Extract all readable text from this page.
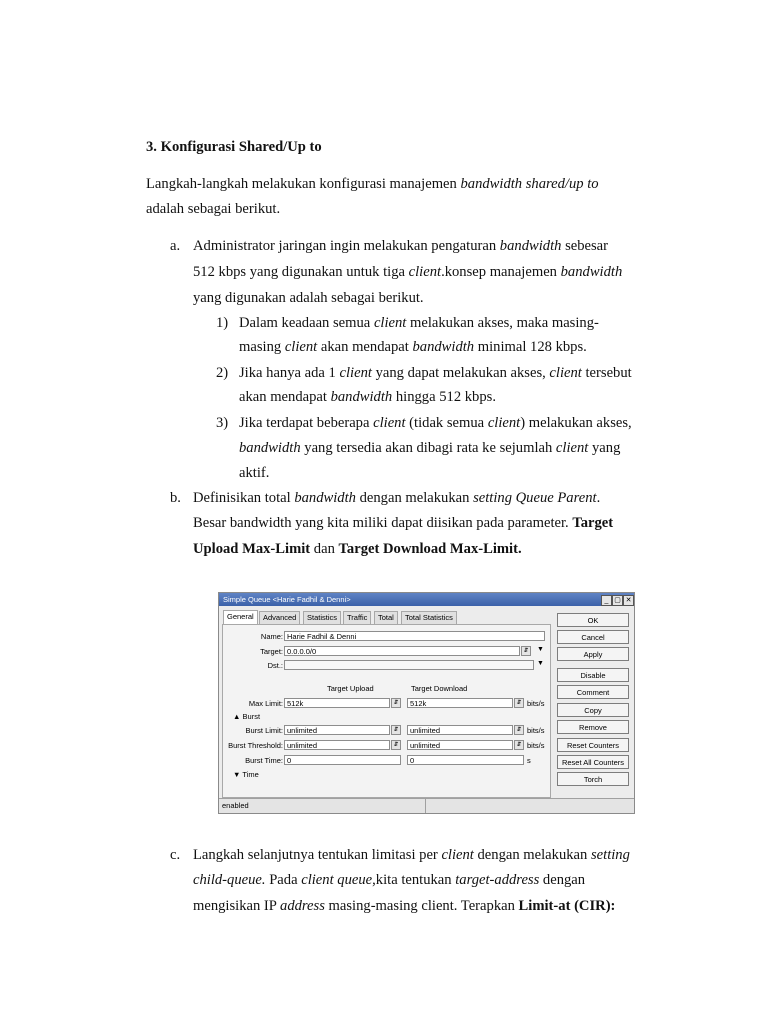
3. Konfigurasi Shared/Up to
Langkah-langkah melakukan konfigurasi manajemen bandwidth shared/up to
adalah sebagai berikut.
a. Administrator jaringan ingin melakukan pengaturan bandwidth sebesar
512 kbps yang digunakan untuk tiga client.konsep manajemen bandwidth
yang digunakan adalah sebagai berikut.
1) Dalam keadaan semua client melakukan akses, maka masing-
masing client akan mendapat bandwidth minimal 128 kbps.
2) Jika hanya ada 1 client yang dapat melakukan akses, client tersebut
akan mendapat bandwidth hingga 512 kbps.
3) Jika terdapat beberapa client (tidak semua client) melakukan akses,
bandwidth yang tersedia akan dibagi rata ke sejumlah client yang
aktif.
b. Definisikan total bandwidth dengan melakukan setting Queue Parent.
Besar bandwidth yang kita miliki dapat diisikan pada parameter. Target
Upload Max-Limit dan Target Download Max-Limit.
Simple Queue <Harie Fadhil & Denni>	_ ▢ ✕
General	Advanced	Statistics	Traffic	Total	Total Statistics
Name: Harie Fadhil & Denni
Target: 0.0.0.0/0	⇵	▼
Dst.:	▼
Target Upload	Target Download
Max Limit: 512k	⇵	512k	⇵ bits/s
▲ Burst
Burst Limit: unlimited	⇵	unlimited	⇵ bits/s
Burst Threshold: unlimited	⇵	unlimited	⇵ bits/s
Burst Time: 0	0	s
▼ Time
OK
Cancel
Apply
Disable
Comment
Copy
Remove
Reset Counters
Reset All Counters
Torch
enabled
c. Langkah selanjutnya tentukan limitasi per client dengan melakukan setting
child-queue. Pada client queue,kita tentukan target-address dengan
mengisikan IP address masing-masing client. Terapkan Limit-at (CIR):
